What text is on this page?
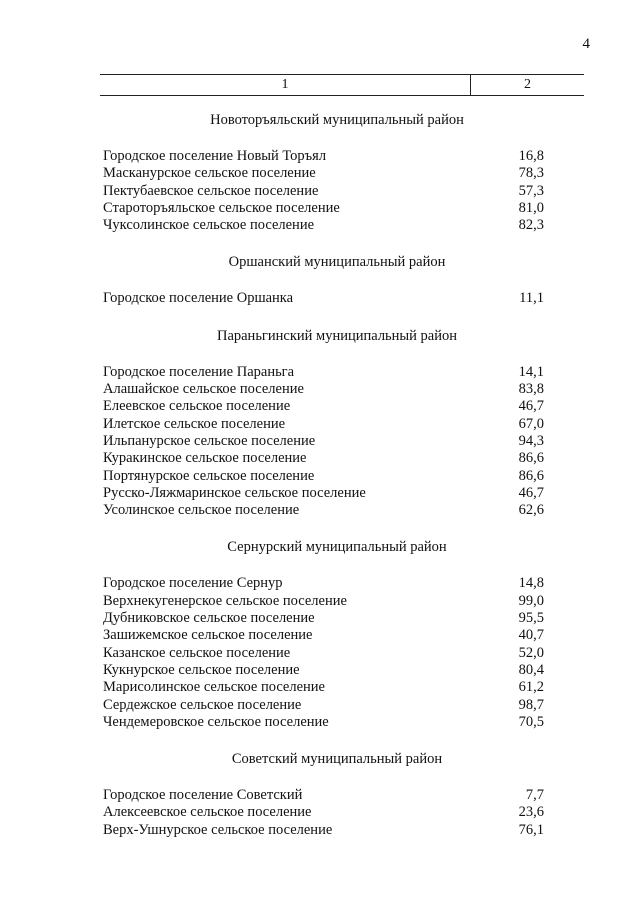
4
1	2
Новоторъяльский муниципальный район
Городское поселение Новый Торъял	16,8
Масканурское сельское поселение	78,3
Пектубаевское сельское поселение	57,3
Староторъяльское сельское поселение	81,0
Чуксолинское сельское поселение	82,3
Оршанский муниципальный район
Городское поселение Оршанка	11,1
Параньгинский муниципальный район
Городское поселение Параньга	14,1
Алашайское сельское поселение	83,8
Елеевское сельское поселение	46,7
Илетское сельское поселение	67,0
Ильпанурское сельское поселение	94,3
Куракинское сельское поселение	86,6
Портянурское сельское поселение	86,6
Русско-Ляжмаринское сельское поселение	46,7
Усолинское сельское поселение	62,6
Сернурский муниципальный район
Городское поселение Сернур	14,8
Верхнекугенерское сельское поселение	99,0
Дубниковское сельское поселение	95,5
Зашижемское сельское поселение	40,7
Казанское сельское поселение	52,0
Кукнурское сельское поселение	80,4
Марисолинское сельское поселение	61,2
Сердежское сельское поселение	98,7
Чендемеровское сельское поселение	70,5
Советский муниципальный район
Городское поселение Советский	7,7
Алексеевское сельское поселение	23,6
Верх-Ушнурское сельское поселение	76,1
